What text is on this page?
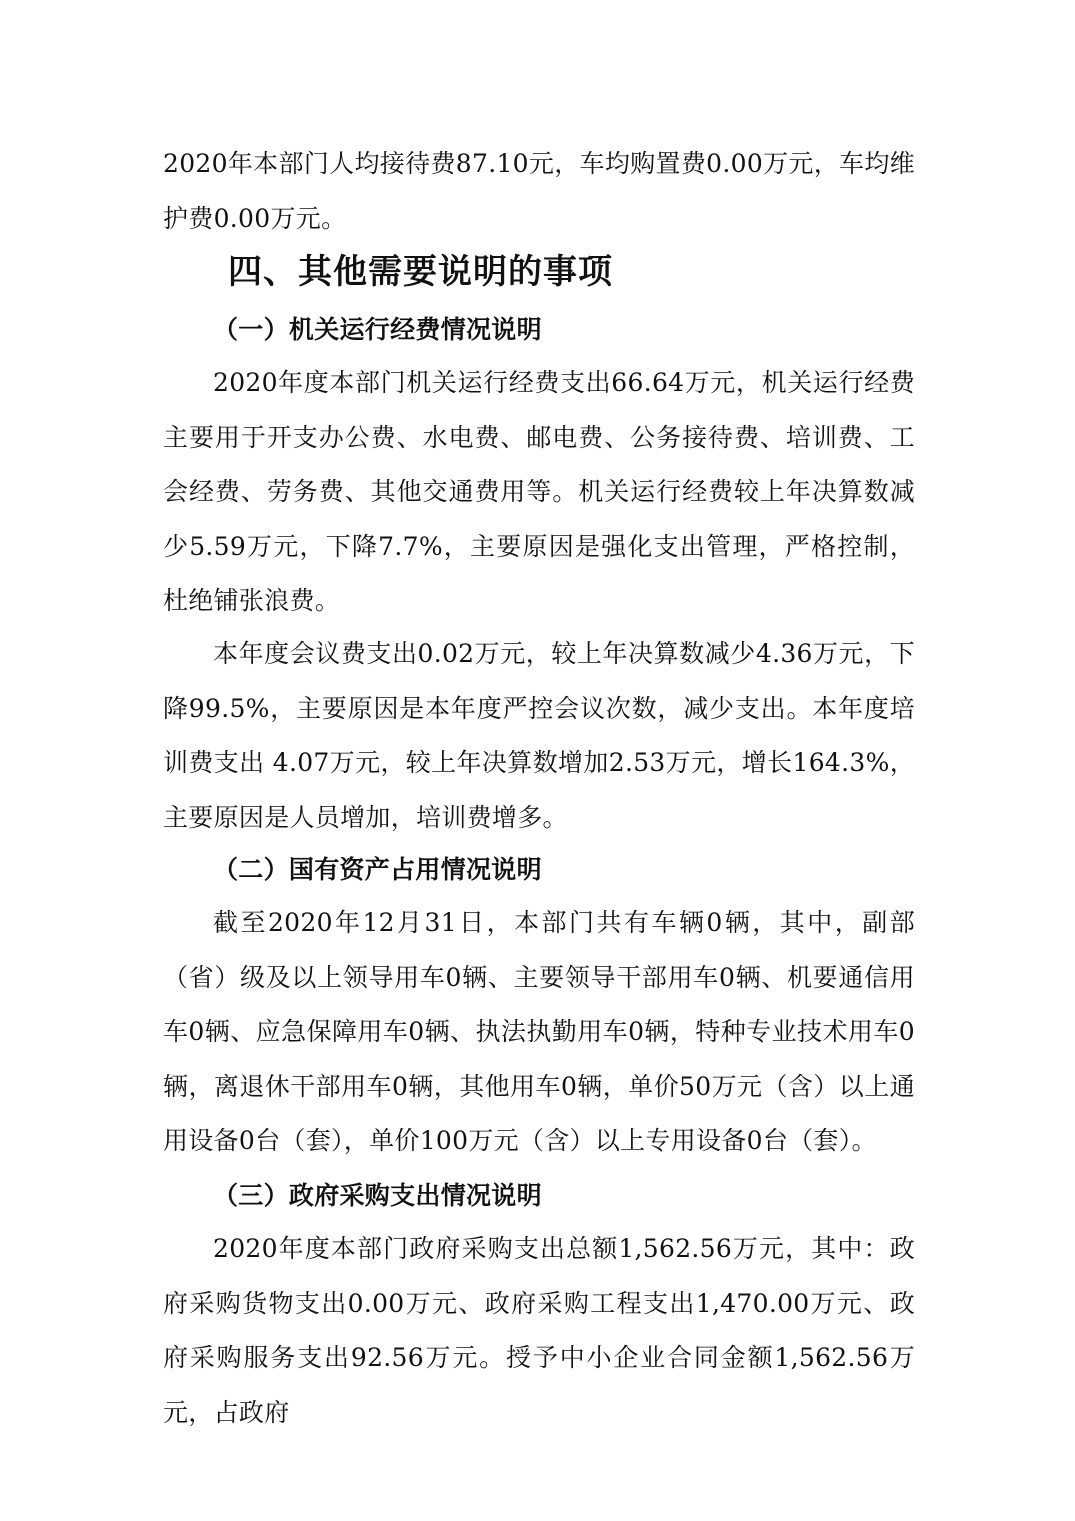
2020年本部门人均接待费87.10元，车均购置费0.00万元，车均维护费0.00万元。

四、其他需要说明的事项
（一）机关运行经费情况说明

2020年度本部门机关运行经费支出66.64万元，机关运行经费主要用于开支办公费、水电费、邮电费、公务接待费、培训费、工会经费、劳务费、其他交通费用等。机关运行经费较上年决算数减少5.59万元，下降7.7%，主要原因是强化支出管理，严格控制，杜绝铺张浪费。

本年度会议费支出0.02万元，较上年决算数减少4.36万元，下降99.5%，主要原因是本年度严控会议次数，减少支出。本年度培训费支出 4.07万元，较上年决算数增加2.53万元，增长164.3%，主要原因是人员增加，培训费增多。

（二）国有资产占用情况说明

截至2020年12月31日，本部门共有车辆0辆，其中，副部（省）级及以上领导用车0辆、主要领导干部用车0辆、机要通信用车0辆、应急保障用车0辆、执法执勤用车0辆，特种专业技术用车0辆，离退休干部用车0辆，其他用车0辆，单价50万元（含）以上通用设备0台（套），单价100万元（含）以上专用设备0台（套）。

（三）政府采购支出情况说明

2020年度本部门政府采购支出总额1,562.56万元，其中：政府采购货物支出0.00万元、政府采购工程支出1,470.00万元、政府采购服务支出92.56万元。授予中小企业合同金额1,562.56万元，占政府
